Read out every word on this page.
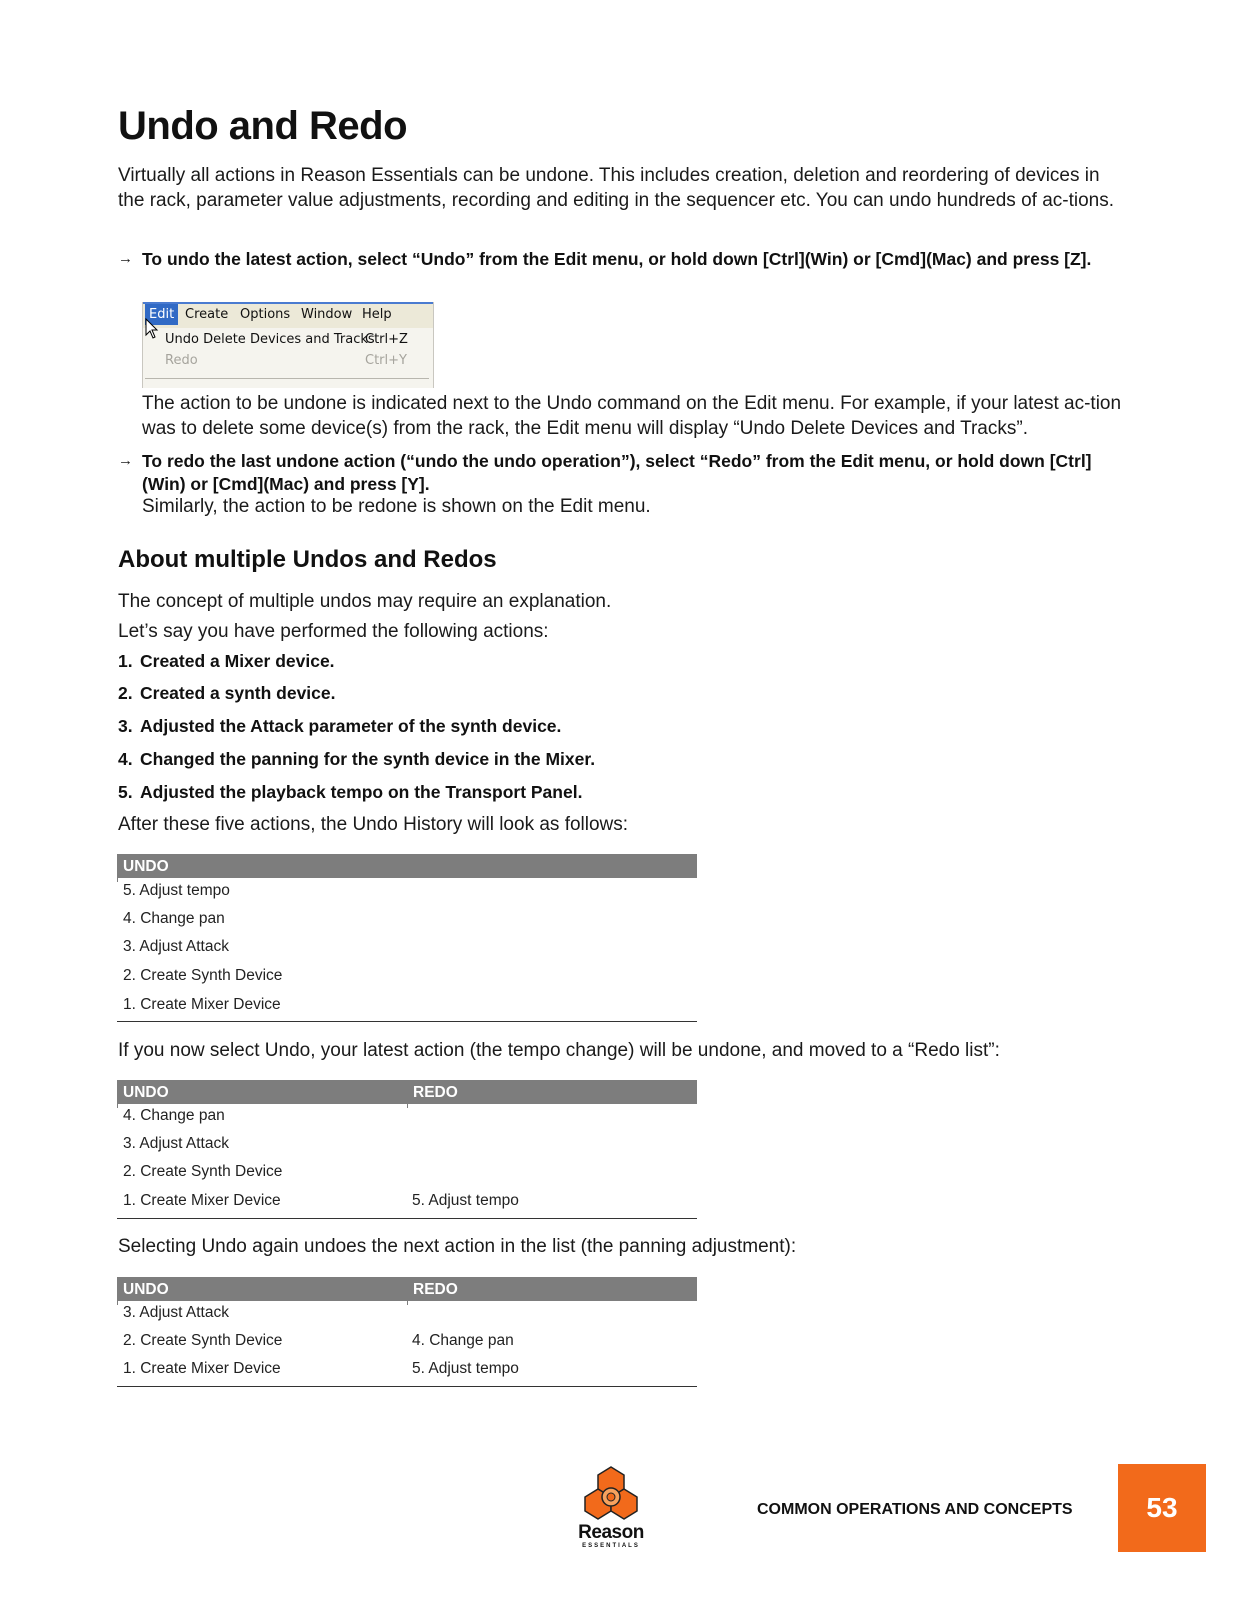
Undo and Redo

Virtually all actions in Reason Essentials can be undone. This includes creation, deletion and reordering of devices in the rack, parameter value adjustments, recording and editing in the sequencer etc. You can undo hundreds of ac-tions.

→ To undo the latest action, select “Undo” from the Edit menu, or hold down [Ctrl](Win) or [Cmd](Mac) and press [Z].
Edit Create Options Window Help
Undo Delete Devices and Tracks
Ctrl+Z
Redo	Ctrl+Y

The action to be undone is indicated next to the Undo command on the Edit menu. For example, if your latest ac-tion was to delete some device(s) from the rack, the Edit menu will display “Undo Delete Devices and Tracks”.

→ To redo the last undone action (“undo the undo operation”), select “Redo” from the Edit menu, or hold down [Ctrl](Win) or [Cmd](Mac) and press [Y].

Similarly, the action to be redone is shown on the Edit menu.

About multiple Undos and Redos

The concept of multiple undos may require an explanation.

Let’s say you have performed the following actions:

1. Created a Mixer device.
2. Created a synth device.
3. Adjusted the Attack parameter of the synth device.
4. Changed the panning for the synth device in the Mixer.
5. Adjusted the playback tempo on the Transport Panel.

After these five actions, the Undo History will look as follows:

UNDO
5. Adjust tempo
4. Change pan
3. Adjust Attack
2. Create Synth Device
1. Create Mixer Device

If you now select Undo, your latest action (the tempo change) will be undone, and moved to a “Redo list”:

UNDO	REDO
4. Change pan
3. Adjust Attack
2. Create Synth Device
1. Create Mixer Device	5. Adjust tempo

Selecting Undo again undoes the next action in the list (the panning adjustment):

UNDO	REDO
3. Adjust Attack
2. Create Synth Device	4. Change pan
1. Create Mixer Device	5. Adjust tempo
Reason
ESSENTIALS
COMMON OPERATIONS AND CONCEPTS	53
